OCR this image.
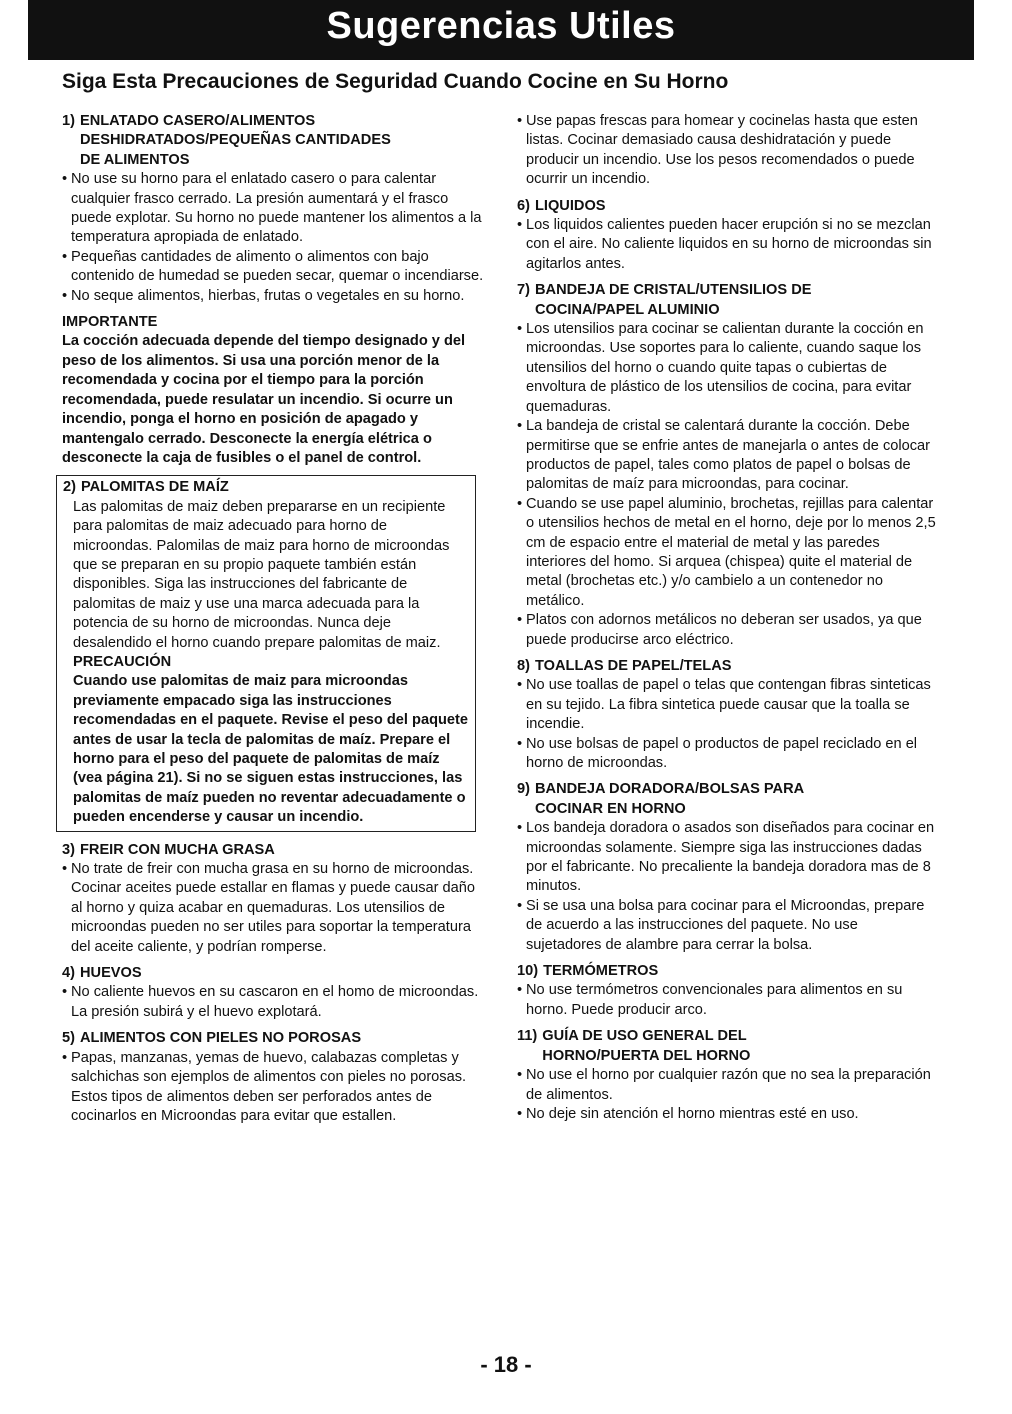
Sugerencias Utiles
Siga Esta Precauciones de Seguridad Cuando Cocine en Su Horno
1) ENLATADO CASERO/ALIMENTOS
DESHIDRATADOS/PEQUEÑAS CANTIDADES
DE ALIMENTOS
• No use su horno para el enlatado casero o para calentar cualquier frasco cerrado. La presión aumentará y el frasco puede explotar. Su horno no puede mantener los alimentos a la temperatura apropiada de enlatado.
• Pequeñas cantidades de alimento o alimentos con bajo contenido de humedad se pueden secar, quemar o incendiarse.
• No seque alimentos, hierbas, frutas o vegetales en su horno.
IMPORTANTE
La cocción adecuada depende del tiempo designado y del peso de los alimentos. Si usa una porción menor de la recomendada y cocina por el tiempo para la porción recomendada, puede resulatar un incendio. Si ocurre un incendio, ponga el horno en posición de apagado y mantengalo cerrado. Desconecte la energía elétrica o desconecte la caja de fusibles o el panel de control.
2) PALOMITAS DE MAÍZ
Las palomitas de maiz deben prepararse en un recipiente para palomitas de maiz adecuado para horno de microondas. Palomilas de maiz para horno de microondas que se preparan en su propio paquete también están disponibles. Siga las instrucciones del fabricante de palomitas de maiz y use una marca adecuada para la potencia de su horno de microondas. Nunca deje desalendido el horno cuando prepare palomitas de maiz.
PRECAUCIÓN
Cuando use palomitas de maiz para microondas previamente empacado siga las instrucciones recomendadas en el paquete. Revise el peso del paquete antes de usar la tecla de palomitas de maíz. Prepare el horno para el peso del paquete de palomitas de maíz (vea página 21). Si no se siguen estas instrucciones, las palomitas de maíz pueden no reventar adecuadamente o pueden encenderse y causar un incendio.
3) FREIR CON MUCHA GRASA
• No trate de freir con mucha grasa en su horno de microondas. Cocinar aceites puede estallar en flamas y puede causar daño al horno y quiza acabar en quemaduras. Los utensilios de microondas pueden no ser utiles para soportar la temperatura del aceite caliente, y podrían romperse.
4) HUEVOS
• No caliente huevos en su cascaron en el homo de microondas. La presión subirá y el huevo explotará.
5) ALIMENTOS CON PIELES NO POROSAS
• Papas, manzanas, yemas de huevo, calabazas completas y salchichas son ejemplos de alimentos con pieles no porosas. Estos tipos de alimentos deben ser perforados antes de cocinarlos en Microondas para evitar que estallen.
• Use papas frescas para homear y cocinelas hasta que esten listas. Cocinar demasiado causa deshidratación y puede producir un incendio. Use los pesos recomendados o puede ocurrir un incendio.
6) LIQUIDOS
• Los liquidos calientes pueden hacer erupción si no se mezclan con el aire. No caliente liquidos en su horno de microondas sin agitarlos antes.
7) BANDEJA DE CRISTAL/UTENSILIOS DE
COCINA/PAPEL ALUMINIO
• Los utensilios para cocinar se calientan durante la cocción en microondas. Use soportes para lo caliente, cuando saque los utensilios del horno o cuando quite tapas o cubiertas de envoltura de plástico de los utensilios de cocina, para evitar quemaduras.
• La bandeja de cristal se calentará durante la cocción. Debe permitirse que se enfrie antes de manejarla o antes de colocar productos de papel, tales como platos de papel o bolsas de palomitas de maíz para microondas, para cocinar.
• Cuando se use papel aluminio, brochetas, rejillas para calentar o utensilios hechos de metal en el horno, deje por lo menos 2,5 cm de espacio entre el material de metal y las paredes interiores del homo. Si arquea (chispea) quite el material de metal (brochetas etc.) y/o cambielo a un contenedor no metálico.
• Platos con adornos metálicos no deberan ser usados, ya que puede producirse arco eléctrico.
8) TOALLAS DE PAPEL/TELAS
• No use toallas de papel o telas que contengan fibras sinteticas en su tejido. La fibra sintetica puede causar que la toalla se incendie.
• No use bolsas de papel o productos de papel reciclado en el horno de microondas.
9) BANDEJA DORADORA/BOLSAS PARA
COCINAR EN HORNO
• Los bandeja doradora o asados son diseñados para cocinar en microondas solamente. Siempre siga las instrucciones dadas por el fabricante. No precaliente la bandeja doradora mas de 8 minutos.
• Si se usa una bolsa para cocinar para el Microondas, prepare de acuerdo a las instrucciones del paquete. No use sujetadores de alambre para cerrar la bolsa.
10) TERMÓMETROS
• No use termómetros convencionales para alimentos en su horno. Puede producir arco.
11) GUÍA DE USO GENERAL DEL
HORNO/PUERTA DEL HORNO
• No use el horno por cualquier razón que no sea la preparación de alimentos.
• No deje sin atención el horno mientras esté en uso.
- 18 -
